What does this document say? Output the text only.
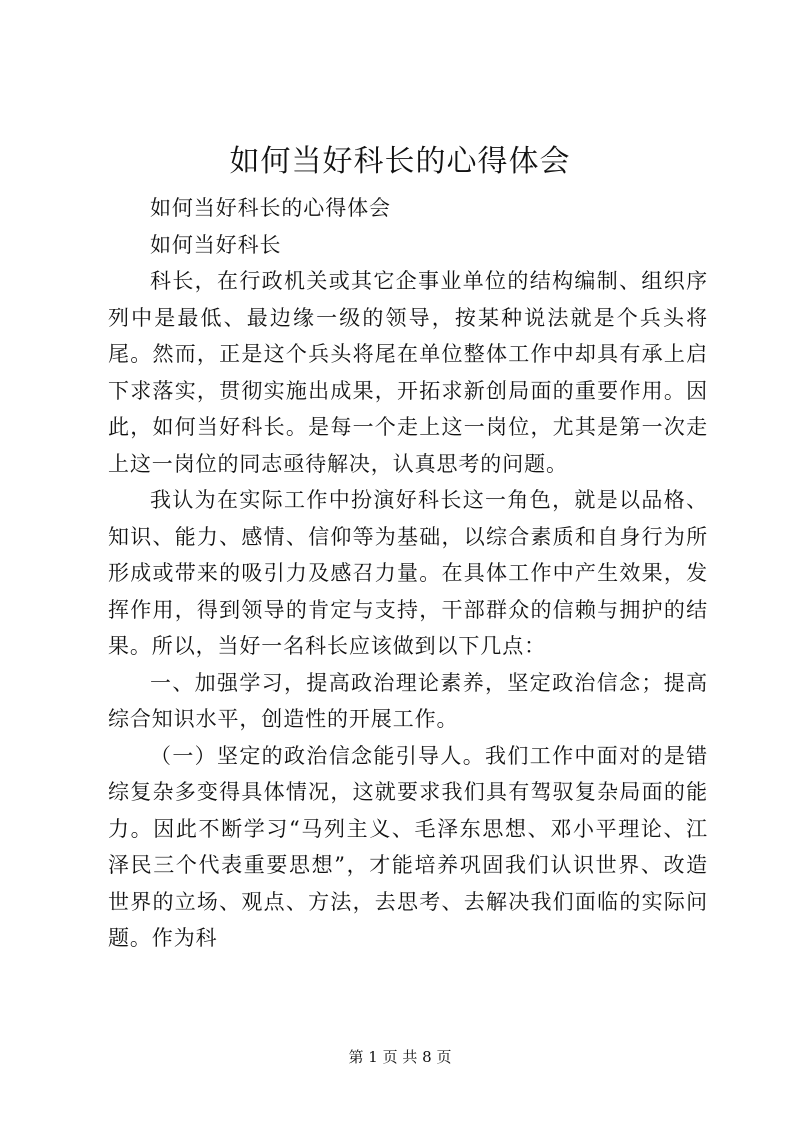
如何当好科长的心得体会

如何当好科长的心得体会

如何当好科长

科长，在行政机关或其它企事业单位的结构编制、组织序列中是最低、最边缘一级的领导，按某种说法就是个兵头将尾。然而，正是这个兵头将尾在单位整体工作中却具有承上启下求落实，贯彻实施出成果，开拓求新创局面的重要作用。因此，如何当好科长。是每一个走上这一岗位，尤其是第一次走上这一岗位的同志亟待解决，认真思考的问题。

我认为在实际工作中扮演好科长这一角色，就是以品格、知识、能力、感情、信仰等为基础，以综合素质和自身行为所形成或带来的吸引力及感召力量。在具体工作中产生效果，发挥作用，得到领导的肯定与支持，干部群众的信赖与拥护的结果。所以，当好一名科长应该做到以下几点：

一、加强学习，提高政治理论素养，坚定政治信念；提高综合知识水平，创造性的开展工作。

（一）坚定的政治信念能引导人。我们工作中面对的是错综复杂多变得具体情况，这就要求我们具有驾驭复杂局面的能力。因此不断学习“马列主义、毛泽东思想、邓小平理论、江泽民三个代表重要思想”，才能培养巩固我们认识世界、改造世界的立场、观点、方法，去思考、去解决我们面临的实际问题。作为科

第 1 页 共 8 页
